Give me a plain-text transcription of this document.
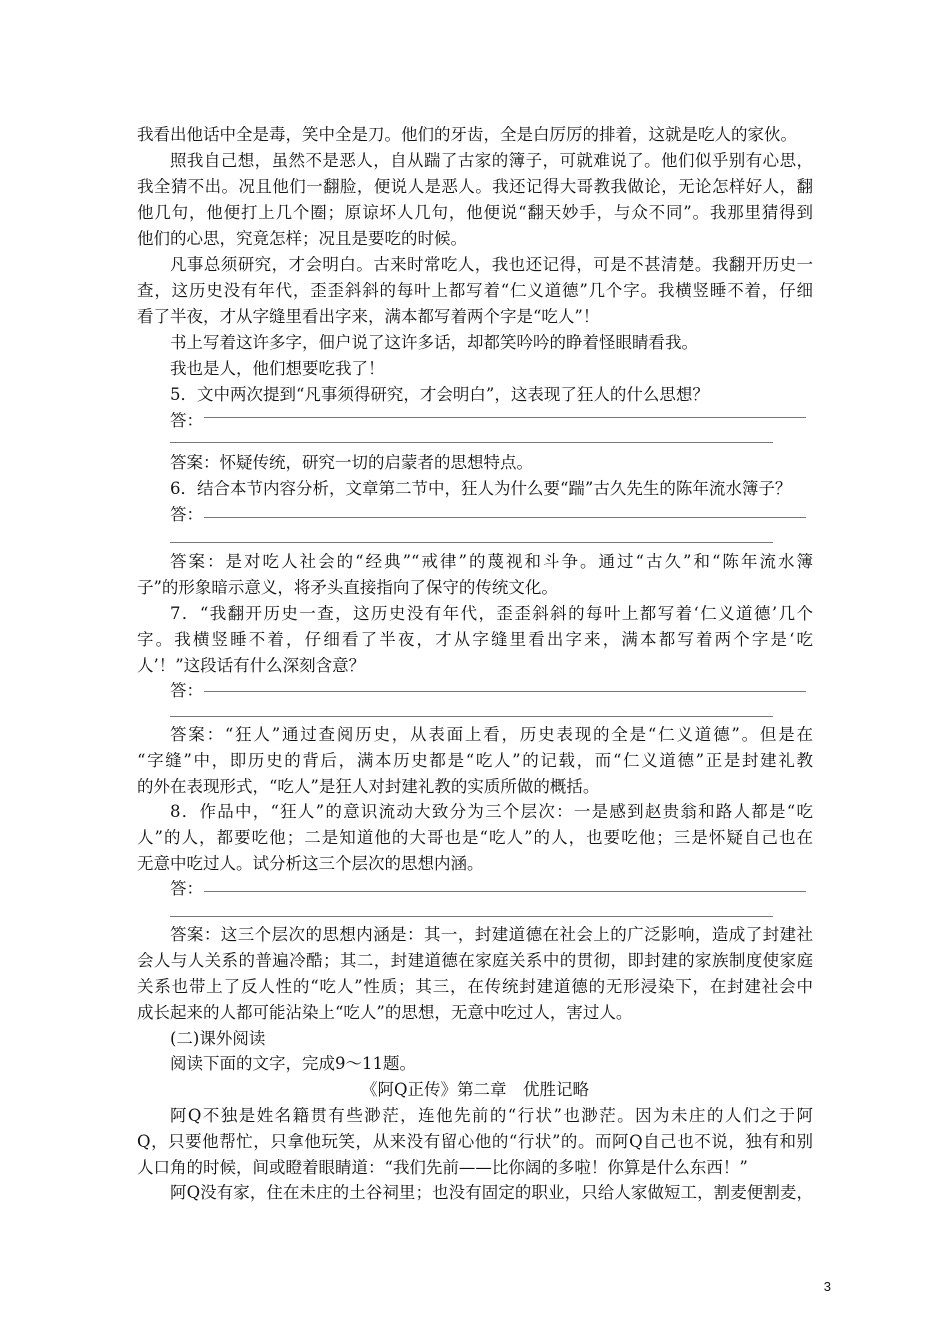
我看出他话中全是毒，笑中全是刀。他们的牙齿，全是白厉厉的排着，这就是吃人的家伙。
照我自己想，虽然不是恶人，自从踹了古家的簿子，可就难说了。他们似乎别有心思，
我全猜不出。况且他们一翻脸，便说人是恶人。我还记得大哥教我做论，无论怎样好人，翻
他几句，他便打上几个圈；原谅坏人几句，他便说“翻天妙手，与众不同”。我那里猜得到
他们的心思，究竟怎样；况且是要吃的时候。
凡事总须研究，才会明白。古来时常吃人，我也还记得，可是不甚清楚。我翻开历史一
查，这历史没有年代，歪歪斜斜的每叶上都写着“仁义道德”几个字。我横竖睡不着，仔细
看了半夜，才从字缝里看出字来，满本都写着两个字是“吃人”！
书上写着这许多字，佃户说了这许多话，却都笑吟吟的睁着怪眼睛看我。
我也是人，他们想要吃我了！
5．文中两次提到“凡事须得研究，才会明白”，这表现了狂人的什么思想？
答：
答案：怀疑传统，研究一切的启蒙者的思想特点。
6．结合本节内容分析，文章第二节中，狂人为什么要“踹”古久先生的陈年流水簿子？
答：
答案：是对吃人社会的“经典”“戒律”的蔑视和斗争。通过“古久”和“陈年流水簿
子”的形象暗示意义，将矛头直接指向了保守的传统文化。
7．“我翻开历史一查，这历史没有年代，歪歪斜斜的每叶上都写着‘仁义道德’几个
字。我横竖睡不着，仔细看了半夜，才从字缝里看出字来，满本都写着两个字是‘吃
人’！”这段话有什么深刻含意？
答：
答案：“狂人”通过查阅历史，从表面上看，历史表现的全是“仁义道德”。但是在
“字缝”中，即历史的背后，满本历史都是“吃人”的记载，而“仁义道德”正是封建礼教
的外在表现形式，“吃人”是狂人对封建礼教的实质所做的概括。
8．作品中，“狂人”的意识流动大致分为三个层次：一是感到赵贵翁和路人都是“吃
人”的人，都要吃他；二是知道他的大哥也是“吃人”的人，也要吃他；三是怀疑自己也在
无意中吃过人。试分析这三个层次的思想内涵。
答：
答案：这三个层次的思想内涵是：其一，封建道德在社会上的广泛影响，造成了封建社
会人与人关系的普遍冷酷；其二，封建道德在家庭关系中的贯彻，即封建的家族制度使家庭
关系也带上了反人性的“吃人”性质；其三，在传统封建道德的无形浸染下，在封建社会中
成长起来的人都可能沾染上“吃人”的思想，无意中吃过人，害过人。
(二)课外阅读
阅读下面的文字，完成9～11题。
《阿Q正传》第二章　优胜记略
阿Q不独是姓名籍贯有些渺茫，连他先前的“行状”也渺茫。因为未庄的人们之于阿
Q，只要他帮忙，只拿他玩笑，从来没有留心他的“行状”的。而阿Q自己也不说，独有和别
人口角的时候，间或瞪着眼睛道：“我们先前——比你阔的多啦！你算是什么东西！”
阿Q没有家，住在未庄的土谷祠里；也没有固定的职业，只给人家做短工，割麦便割麦，
3
